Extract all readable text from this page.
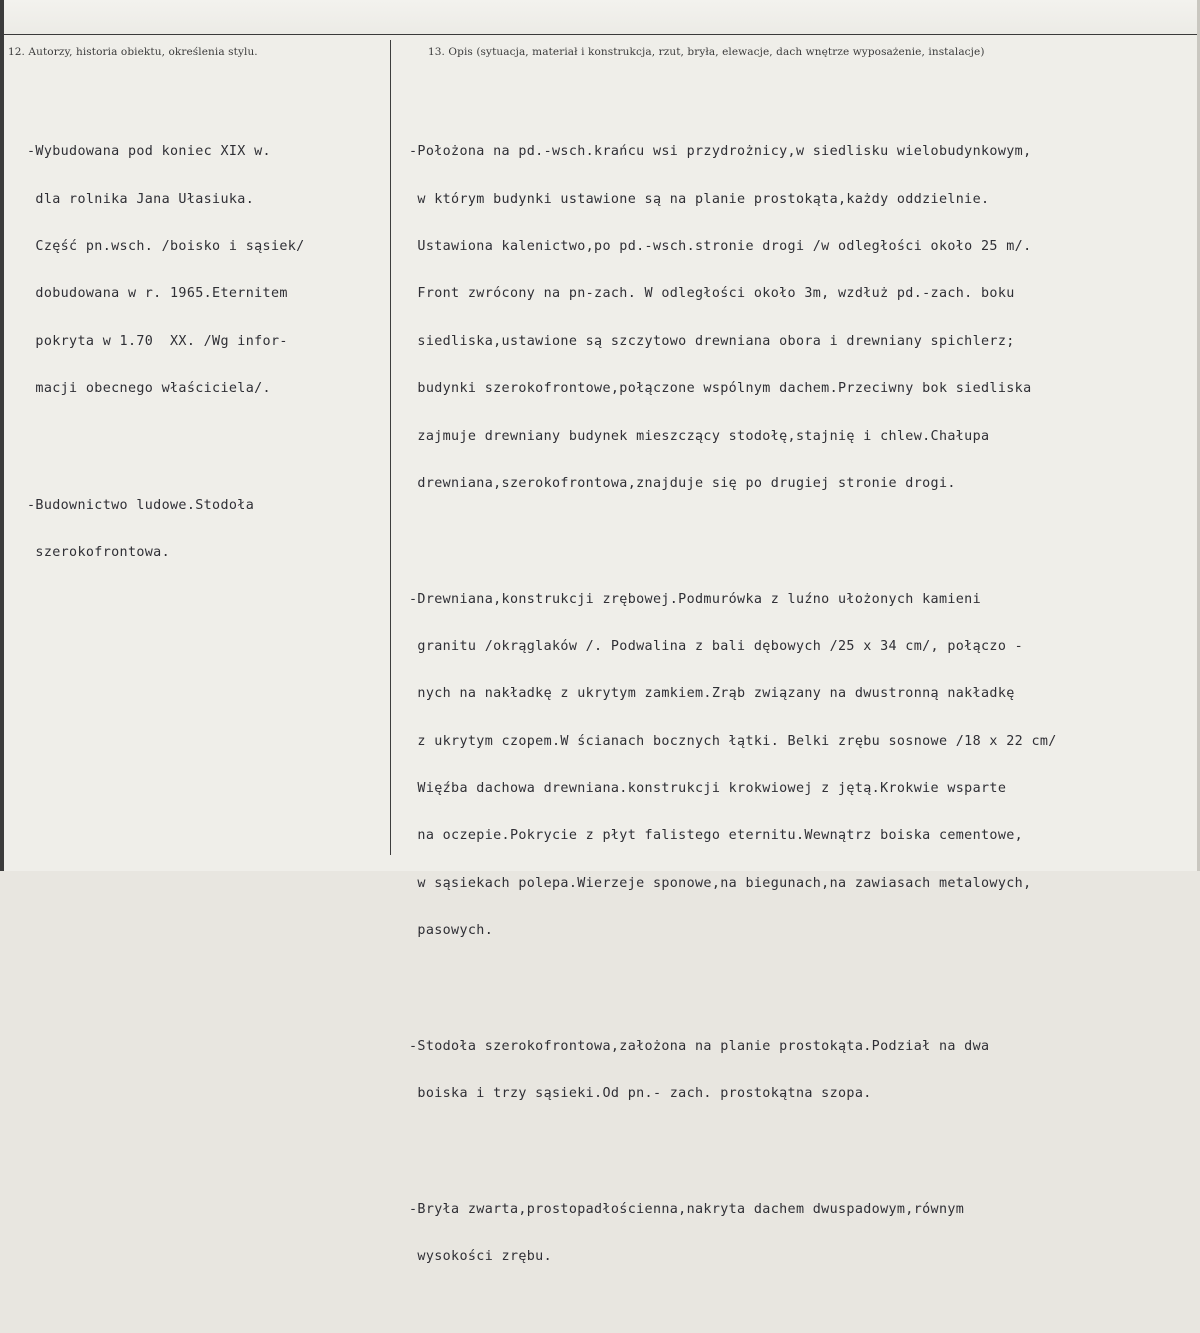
12. Autorzy, historia obiektu, określenia stylu.	13. Opis (sytuacja, materiał i konstrukcja, rzut, bryła, elewacje, dach wnętrze wyposażenie, instalacje)

-Wybudowana pod koniec XIX w.

dla rolnika Jana Ułasiuka.

Część pn.wsch. /boisko i sąsiek/

dobudowana w r. 1965.Eternitem

pokryta w 1.70  XX. /Wg infor-

macji obecnego właściciela/.

-Budownictwo ludowe.Stodoła

szerokofrontowa.

-Położona na pd.-wsch.krańcu wsi przydrożnicy,w siedlisku wielobudynkowym,

w którym budynki ustawione są na planie prostokąta,każdy oddzielnie.

Ustawiona kalenictwo,po pd.-wsch.stronie drogi /w odległości około 25 m/.

Front zwrócony na pn-zach. W odległości około 3m, wzdłuż pd.-zach. boku

siedliska,ustawione są szczytowo drewniana obora i drewniany spichlerz;

budynki szerokofrontowe,połączone wspólnym dachem.Przeciwny bok siedliska

zajmuje drewniany budynek mieszczący stodołę,stajnię i chlew.Chałupa

drewniana,szerokofrontowa,znajduje się po drugiej stronie drogi.

-Drewniana,konstrukcji zrębowej.Podmurówka z luźno ułożonych kamieni

granitu /okrąglaków /. Podwalina z bali dębowych /25 x 34 cm/, połączo -

nych na nakładkę z ukrytym zamkiem.Zrąb związany na dwustronną nakładkę

z ukrytym czopem.W ścianach bocznych łątki. Belki zrębu sosnowe /18 x 22 cm/

Więźba dachowa drewniana.konstrukcji krokwiowej z jętą.Krokwie wsparte

na oczepie.Pokrycie z płyt falistego eternitu.Wewnątrz boiska cementowe,

w sąsiekach polepa.Wierzeje sponowe,na biegunach,na zawiasach metalowych,

pasowych.

-Stodoła szerokofrontowa,założona na planie prostokąta.Podział na dwa

boiska i trzy sąsieki.Od pn.- zach. prostokątna szopa.

-Bryła zwarta,prostopadłościenna,nakryta dachem dwuspadowym,równym

wysokości zrębu.
